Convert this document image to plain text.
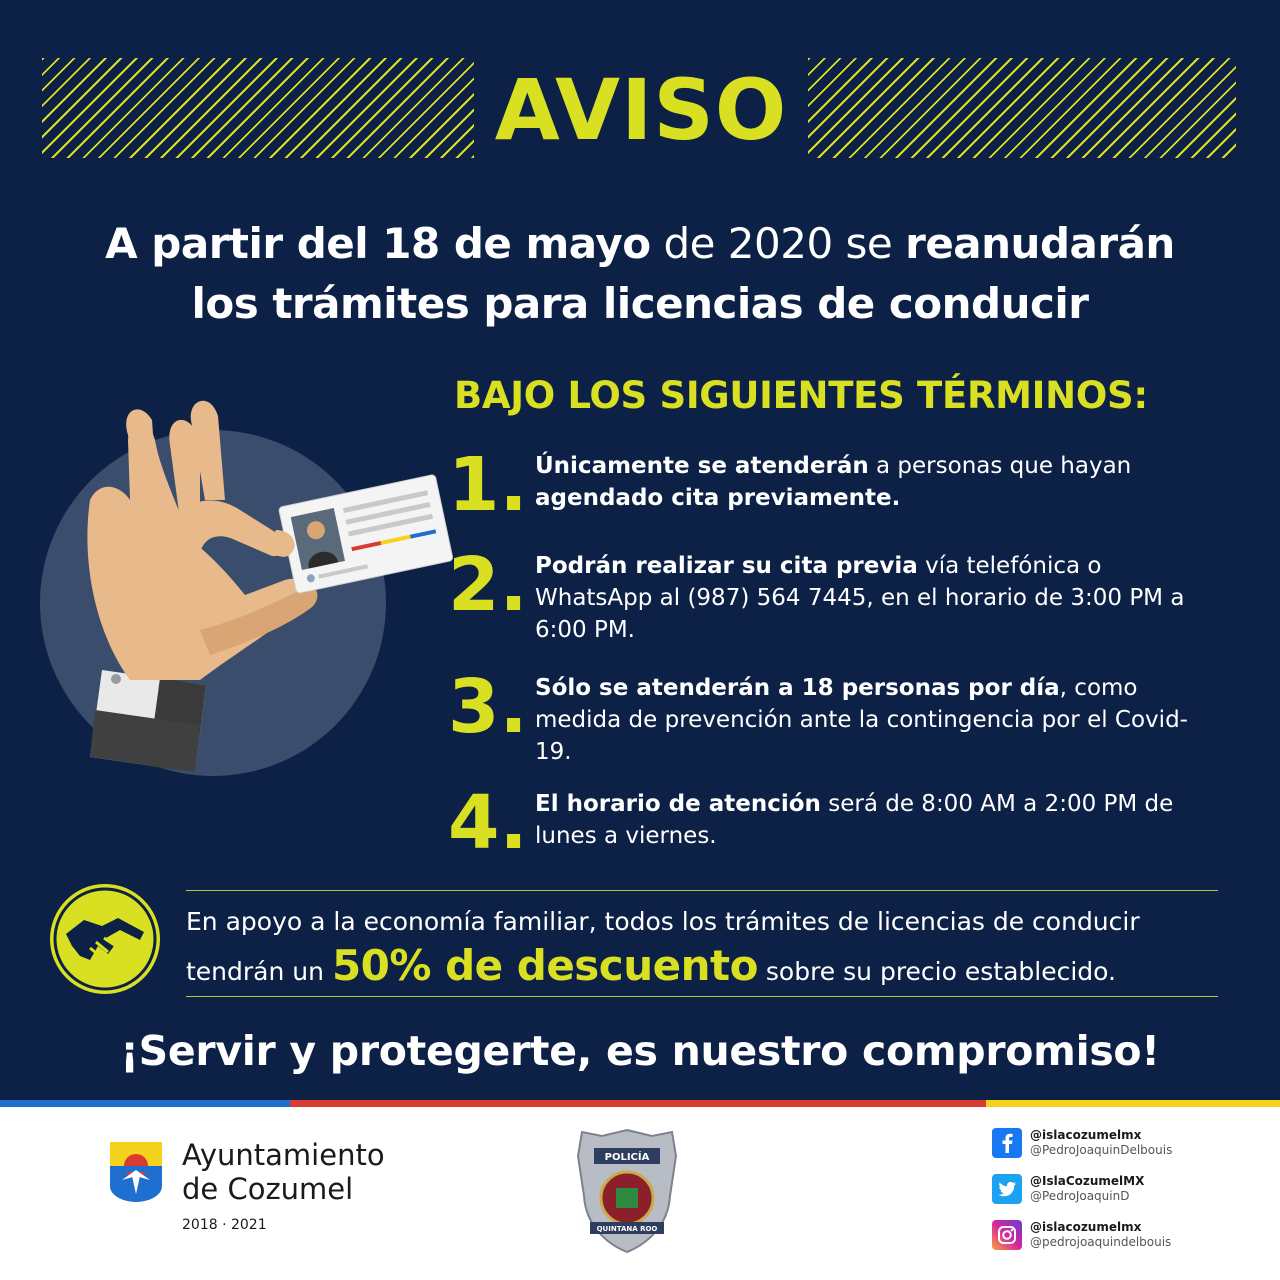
AVISO
A partir del 18 de mayo de 2020 se reanudarán
los trámites para licencias de conducir
BAJO LOS SIGUIENTES TÉRMINOS:
1. Únicamente se atenderán a personas que hayan agendado cita previamente.
2. Podrán realizar su cita previa vía telefónica o WhatsApp al (987) 564 7445, en el horario de 3:00 PM a 6:00 PM.
3. Sólo se atenderán a 18 personas por día, como medida de prevención ante la contingencia por el Covid-19.
4. El horario de atención será de 8:00 AM a 2:00 PM de lunes a viernes.
En apoyo a la economía familiar, todos los trámites de licencias de conducir
tendrán un 50% de descuento sobre su precio establecido.
¡Servir y protegerte, es nuestro compromiso!
Ayuntamiento
de Cozumel
2018 · 2021
POLICÍA
QUINTANA ROO
@islacozumelmx
@PedroJoaquinDelbouis
@IslaCozumelMX
@PedroJoaquinD
@islacozumelmx
@pedrojoaquindelbouis
